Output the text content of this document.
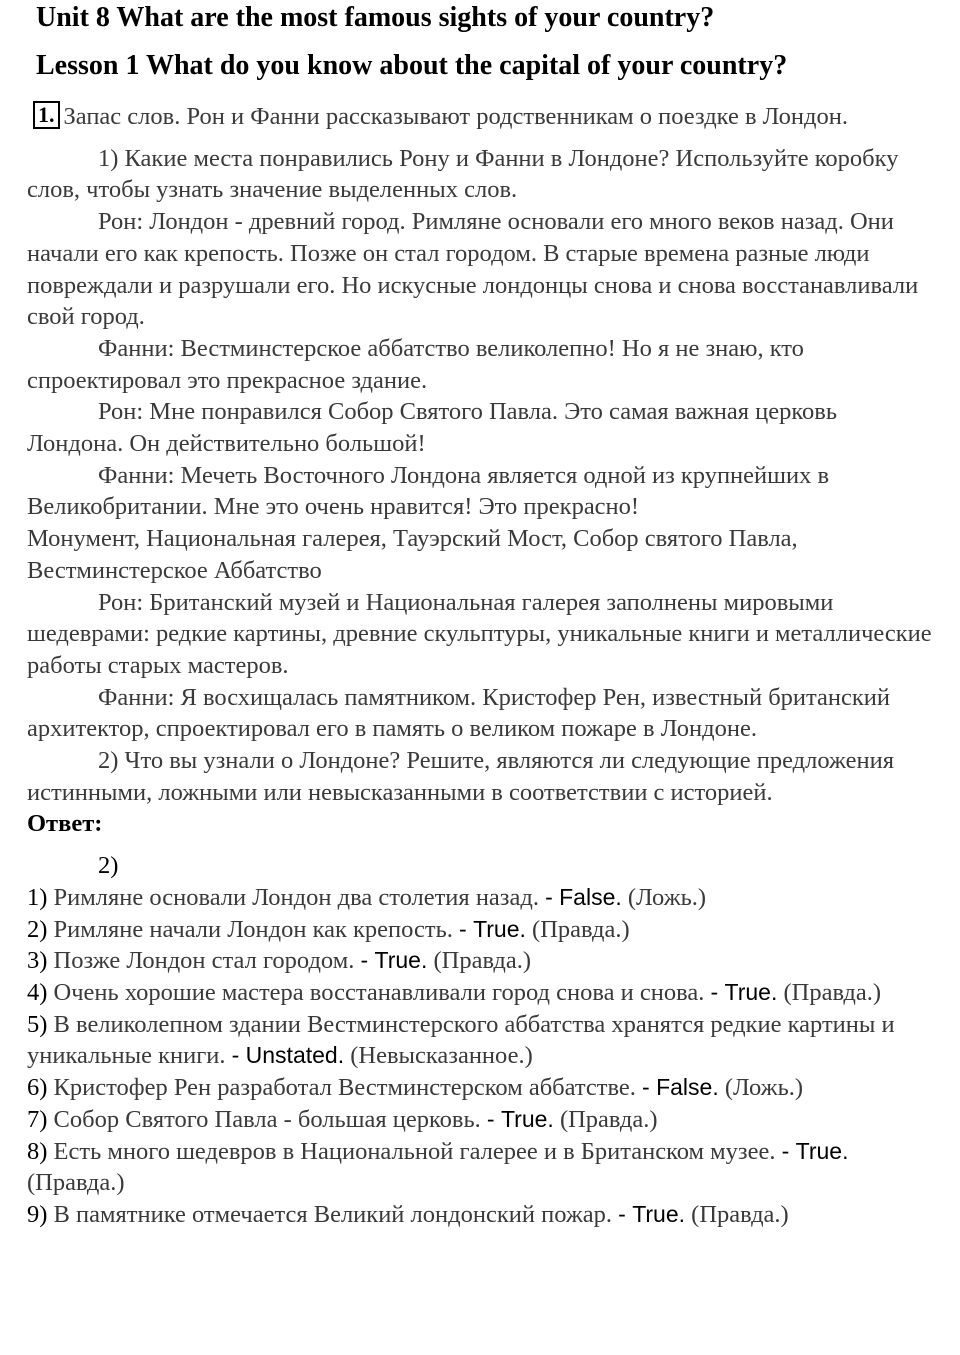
Unit 8 What are the most famous sights of your country?
Lesson 1 What do you know about the capital of your country?

1. Запас слов. Рон и Фанни рассказывают родственникам о поездке в Лондон.

1) Какие места понравились Рону и Фанни в Лондоне? Используйте коробку слов, чтобы узнать значение выделенных слов.

Рон: Лондон - древний город. Римляне основали его много веков назад. Они начали его как крепость. Позже он стал городом. В старые времена разные люди повреждали и разрушали его. Но искусные лондонцы снова и снова восстанавливали свой город.

Фанни: Вестминстерское аббатство великолепно! Но я не знаю, кто спроектировал это прекрасное здание.

Рон: Мне понравился Собор Святого Павла. Это самая важная церковь Лондона. Он действительно большой!

Фанни: Мечеть Восточного Лондона является одной из крупнейших в Великобритании. Мне это очень нравится! Это прекрасно!

Монумент, Национальная галерея, Тауэрский Мост, Собор святого Павла, Вестминстерское Аббатство

Рон: Британский музей и Национальная галерея заполнены мировыми шедеврами: редкие картины, древние скульптуры, уникальные книги и металлические работы старых мастеров.

Фанни: Я восхищалась памятником. Кристофер Рен, известный британский архитектор, спроектировал его в память о великом пожаре в Лондоне.

2) Что вы узнали о Лондоне? Решите, являются ли следующие предложения истинными, ложными или невысказанными в соответствии с историей.

Ответ:

2)

1) Римляне основали Лондон два столетия назад. - False. (Ложь.)

2) Римляне начали Лондон как крепость. - True. (Правда.)

3) Позже Лондон стал городом. - True. (Правда.)

4) Очень хорошие мастера восстанавливали город снова и снова. - True. (Правда.)

5) В великолепном здании Вестминстерского аббатства хранятся редкие картины и уникальные книги. - Unstated. (Невысказанное.)

6) Кристофер Рен разработал Вестминстерском аббатстве. - False. (Ложь.)

7) Собор Святого Павла - большая церковь. - True. (Правда.)

8) Есть много шедевров в Национальной галерее и в Британском музее. - True. (Правда.)

9) В памятнике отмечается Великий лондонский пожар. - True. (Правда.)
